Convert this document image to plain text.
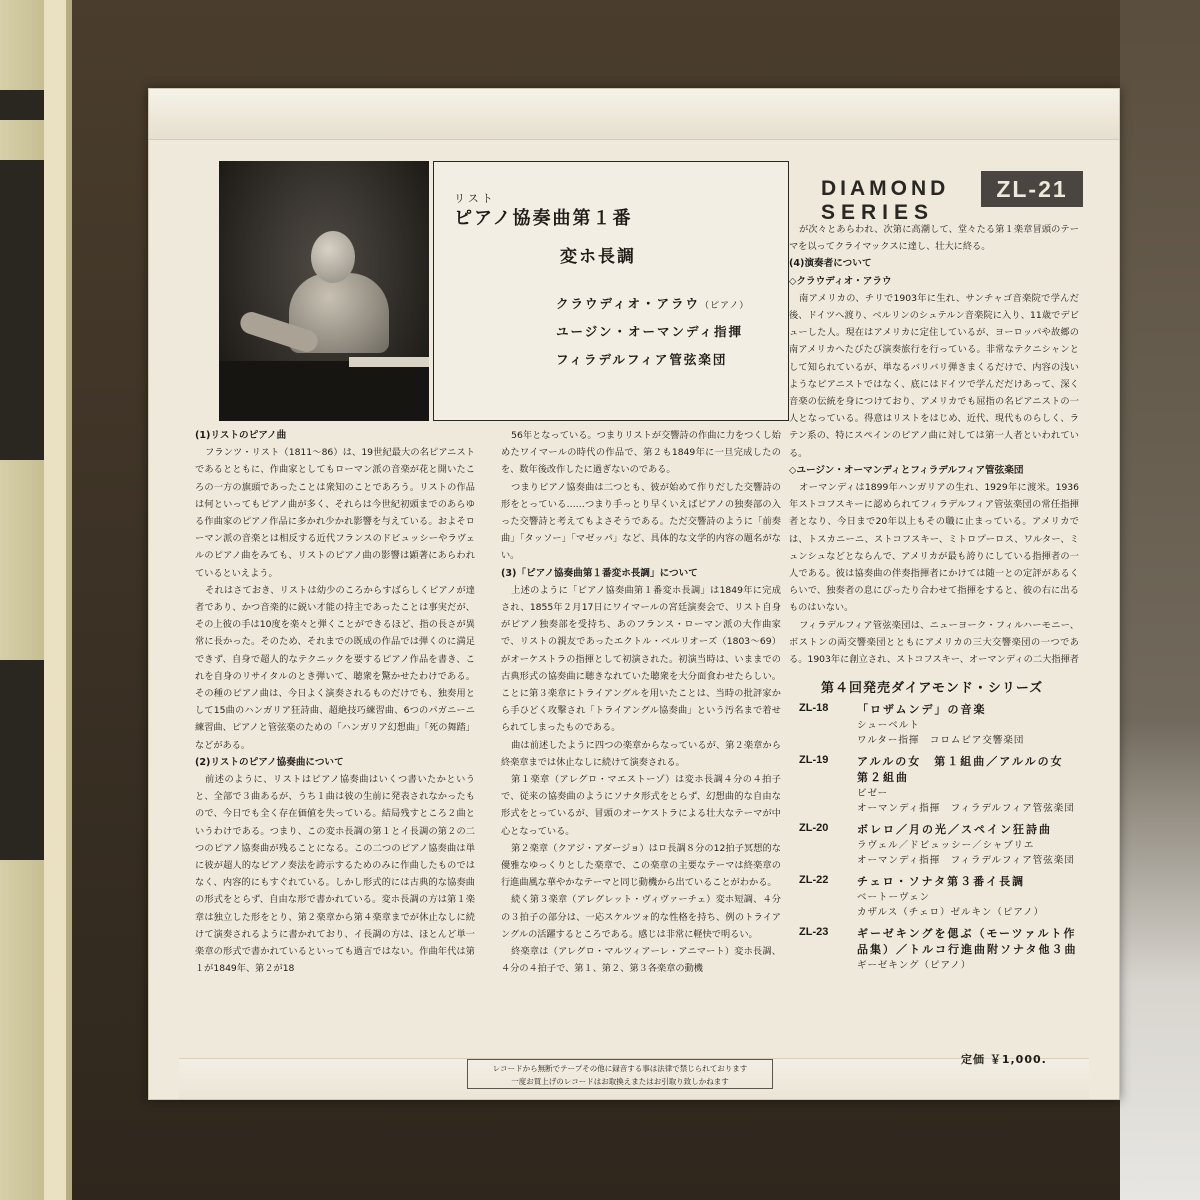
リスト
ピアノ協奏曲第１番
変ホ長調
クラウディオ・アラウ（ピアノ）
ユージン・オーマンディ指揮
フィラデルフィア管弦楽団
DIAMOND
SERIES
ZL-21
(1)リストのピアノ曲

フランツ・リスト（1811〜86）は、19世紀最大の名ピアニストであるとともに、作曲家としてもローマン派の音楽が花と開いたころの一方の旗頭であったことは衆知のことであろう。リストの作品は何といってもピアノ曲が多く、それらは今世紀初頭までのあらゆる作曲家のピアノ作品に多かれ少かれ影響を与えている。およそローマン派の音楽とは相反する近代フランスのドビュッシーやラヴェルのピアノ曲をみても、リストのピアノ曲の影響は顕著にあらわれているといえよう。

それはさておき、リストは幼少のころからすばらしくピアノが達者であり、かつ音楽的に鋭い才能の持主であったことは事実だが、その上彼の手は10度を楽々と弾くことができるほど、指の長さが異常に長かった。そのため、それまでの既成の作品では弾くのに満足できず、自身で超人的なテクニックを要するピアノ作品を書き、これを自身のリサイタルのとき弾いて、聴衆を驚かせたわけである。その種のピアノ曲は、今日よく演奏されるものだけでも、独奏用として15曲のハンガリア狂詩曲、超絶技巧練習曲、6つのパガニーニ練習曲、ピアノと管弦楽のための「ハンガリア幻想曲」「死の舞踏」などがある。

(2)リストのピアノ協奏曲について

前述のように、リストはピアノ協奏曲はいくつ書いたかというと、全部で３曲あるが、うち１曲は彼の生前に発表されなかったもので、今日でも全く存在価値を失っている。結局残すところ２曲というわけである。つまり、この変ホ長調の第１とイ長調の第２の二つのピアノ協奏曲が残ることになる。この二つのピアノ協奏曲は単に彼が超人的なピアノ奏法を誇示するためのみに作曲したものではなく、内容的にもすぐれている。しかし形式的には古典的な協奏曲の形式をとらず、自由な形で書かれている。変ホ長調の方は第１楽章は独立した形をとり、第２楽章から第４楽章までが休止なしに続けて演奏されるように書かれており、イ長調の方は、ほとんど単一楽章の形式で書かれているといっても過言ではない。作曲年代は第１が1849年、第２が18

56年となっている。つまりリストが交響詩の作曲に力をつくし始めたワイマールの時代の作品で、第２も1849年に一旦完成したのを、数年後改作したに過ぎないのである。

つまりピアノ協奏曲は二つとも、彼が始めて作りだした交響詩の形をとっている……つまり手っとり早くいえばピアノの独奏部の入った交響詩と考えてもよさそうである。ただ交響詩のように「前奏曲」「タッソー」「マゼッパ」など、具体的な文学的内容の題名がない。

(3)「ピアノ協奏曲第１番変ホ長調」について

上述のように「ピアノ協奏曲第１番変ホ長調」は1849年に完成され、1855年２月17日にワイマールの宮廷演奏会で、リスト自身がピアノ独奏部を受持ち、あのフランス・ローマン派の大作曲家で、リストの親友であったエクトル・ベルリオーズ（1803〜69）がオーケストラの指揮として初演された。初演当時は、いままでの古典形式の協奏曲に聴きなれていた聴衆を大分面食わせたらしい。ことに第３楽章にトライアングルを用いたことは、当時の批評家から手ひどく攻撃され「トライアングル協奏曲」という汚名まで着せられてしまったものである。

曲は前述したように四つの楽章からなっているが、第２楽章から終楽章までは休止なしに続けて演奏される。

第１楽章（アレグロ・マエストーゾ）は変ホ長調４分の４拍子で、従来の協奏曲のようにソナタ形式をとらず、幻想曲的な自由な形式をとっているが、冒頭のオーケストラによる壮大なテーマが中心となっている。

第２楽章（クアジ・アダージョ）はロ長調８分の12拍子冥想的な優雅なゆっくりとした楽章で、この楽章の主要なテーマは終楽章の行進曲風な華やかなテーマと同じ動機から出ていることがわかる。

続く第３楽章（アレグレット・ヴィヴァーチェ）変ホ短調、４分の３拍子の部分は、一応スケルツォ的な性格を持ち、例のトライアングルの活躍するところである。感じは非常に軽快で明るい。

終楽章は（アレグロ・マルツィアーレ・アニマート）変ホ長調、４分の４拍子で、第１、第２、第３各楽章の動機

が次々とあらわれ、次第に高潮して、堂々たる第１楽章冒頭のテーマを以ってクライマックスに達し、壮大に終る。

(4)演奏者について
◇クラウディオ・アラウ

南アメリカの、チリで1903年に生れ、サンチャゴ音楽院で学んだ後、ドイツへ渡り、ベルリンのシュテルン音楽院に入り、11歳でデビューした人。現在はアメリカに定住しているが、ヨーロッパや故郷の南アメリカへたびたび演奏旅行を行っている。非常なテクニシャンとして知られているが、単なるバリバリ弾きまくるだけで、内容の浅いようなピアニストではなく、底にはドイツで学んだだけあって、深く音楽の伝統を身につけており、アメリカでも屈指の名ピアニストの一人となっている。得意はリストをはじめ、近代、現代ものらしく、ラテン系の、特にスペインのピアノ曲に対しては第一人者といわれている。

◇ユージン・オーマンディとフィラデルフィア管弦楽団

オーマンディは1899年ハンガリアの生れ、1929年に渡米。1936年ストコフスキーに認められてフィラデルフィア管弦楽団の常任指揮者となり、今日まで20年以上もその職に止まっている。アメリカでは、トスカニーニ、ストコフスキー、ミトロプーロス、ワルター、ミュンシュなどとならんで、アメリカが最も誇りにしている指揮者の一人である。彼は協奏曲の伴奏指揮者にかけては随一との定評があるくらいで、独奏者の息にぴったり合わせて指揮をすると、彼の右に出るものはいない。

フィラデルフィア管弦楽団は、ニューヨーク・フィルハーモニー、ボストンの両交響楽団とともにアメリカの三大交響楽団の一つである。1903年に創立され、ストコフスキー、オーマンディの二大指揮者

第４回発売ダイアモンド・シリーズ
ZL-18	「ロザムンデ」の音楽
シューベルト
ワルター指揮　コロムビア交響楽団
ZL-19	アルルの女　第１組曲／アルルの女　第２組曲
ビゼー
オーマンディ指揮　フィラデルフィア管弦楽団
ZL-20	ボレロ／月の光／スペイン狂詩曲
ラヴェル／ドビュッシー／シャブリエ
オーマンディ指揮　フィラデルフィア管弦楽団
ZL-22	チェロ・ソナタ第３番イ長調
ベートーヴェン
カザルス（チェロ）ゼルキン（ピアノ）
ZL-23	ギーゼキングを偲ぶ（モーツァルト作品集）／トルコ行進曲附ソナタ他３曲
ギーゼキング（ピアノ）
定価 ￥1,000.
レコードから無断でテープその他に録音する事は法律で禁じられております
一度お買上げのレコードはお取換えまたはお引取り致しかねます
